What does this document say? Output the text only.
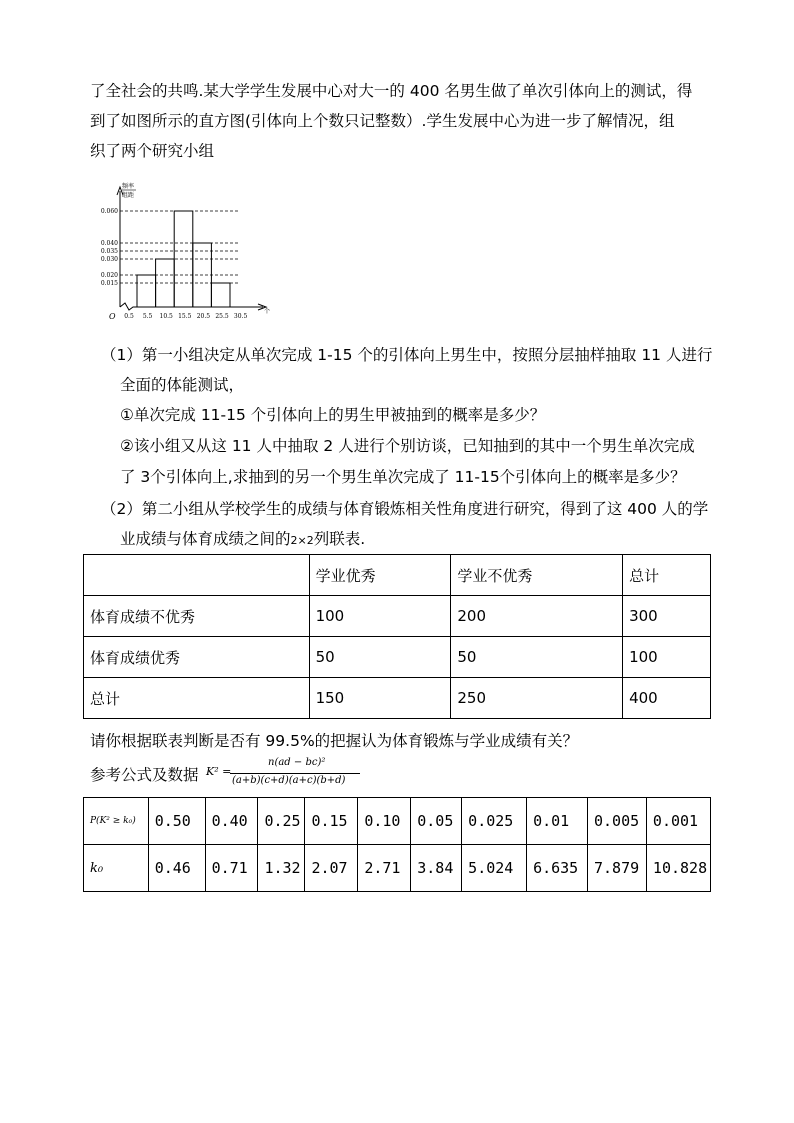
了全社会的共鸣.某大学学生发展中心对大一的 400 名男生做了单次引体向上的测试，得
到了如图所示的直方图(引体向上个数只记整数）.学生发展中心为进一步了解情况，组
织了两个研究小组
频率
组距
0.060
0.040
0.035
0.030
0.020
0.015
0.5 5.5 10.5 15.5 20.5 25.5 30.5
O
个
（1）第一小组决定从单次完成 1-15 个的引体向上男生中，按照分层抽样抽取 11 人进行
全面的体能测试，
①单次完成 11-15 个引体向上的男生甲被抽到的概率是多少？
②该小组又从这 11 人中抽取 2 人进行个别访谈，已知抽到的其中一个男生单次完成
了 3个引体向上,求抽到的另一个男生单次完成了 11-15个引体向上的概率是多少？
（2）第二小组从学校学生的成绩与体育锻炼相关性角度进行研究，得到了这 400 人的学
业成绩与体育成绩之间的2×2列联表.
	学业优秀	学业不优秀	总计
体育成绩不优秀	100	200	300
体育成绩优秀	50	50	100
总计	150	250	400
请你根据联表判断是否有 99.5%的把握认为体育锻炼与学业成绩有关？
参考公式及数据 K² =
n(ad − bc)²
(a+b)(c+d)(a+c)(b+d)
P(K² ≥ k₀)	0.50	0.40	0.25	0.15	0.10	0.05	0.025	0.01	0.005	0.001
k₀	0.46	0.71	1.32	2.07	2.71	3.84	5.024	6.635	7.879	10.828
